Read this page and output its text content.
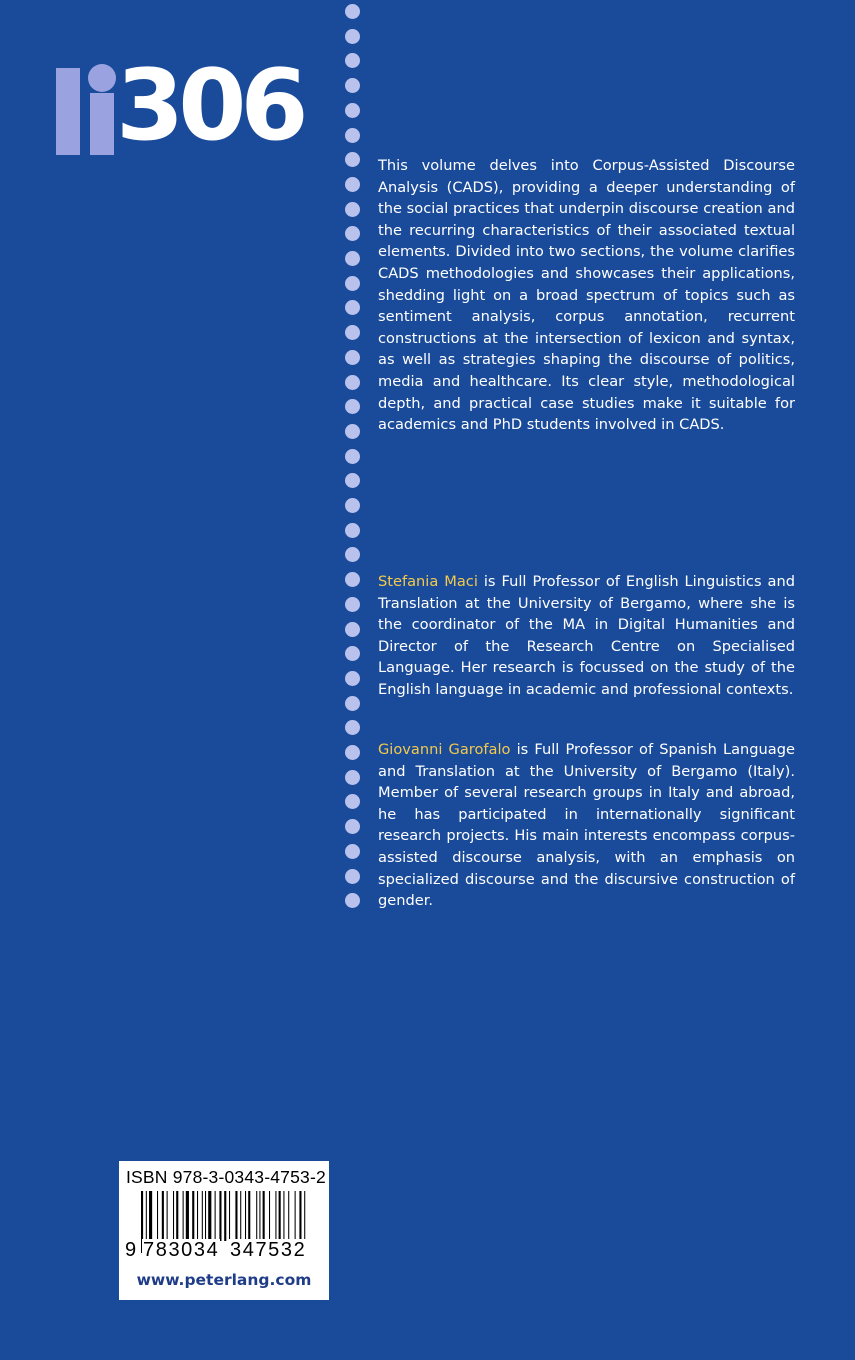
306
This volume delves into Corpus-Assisted Discourse Analysis (CADS), providing a deeper understanding of the social practices that underpin discourse creation and the recurring characteristics of their associated textual elements. Divided into two sections, the volume clarifies CADS methodologies and showcases their applications, shedding light on a broad spectrum of topics such as sentiment analysis, corpus annotation, recurrent constructions at the intersection of lexicon and syntax, as well as strategies shaping the discourse of politics, media and healthcare. Its clear style, methodological depth, and practical case studies make it suitable for academics and PhD students involved in CADS.
Stefania Maci is Full Professor of English Linguistics and Translation at the University of Bergamo, where she is the coordinator of the MA in Digital Humanities and Director of the Research Centre on Specialised Language. Her research is focussed on the study of the English language in academic and professional contexts.
Giovanni Garofalo is Full Professor of Spanish Language and Translation at the University of Bergamo (Italy). Member of several research groups in Italy and abroad, he has participated in internationally significant research projects. His main interests encompass corpus-assisted discourse analysis, with an emphasis on specialized discourse and the discursive construction of gender.
ISBN 978-3-0343-4753-2
9 783034 347532
www.peterlang.com
